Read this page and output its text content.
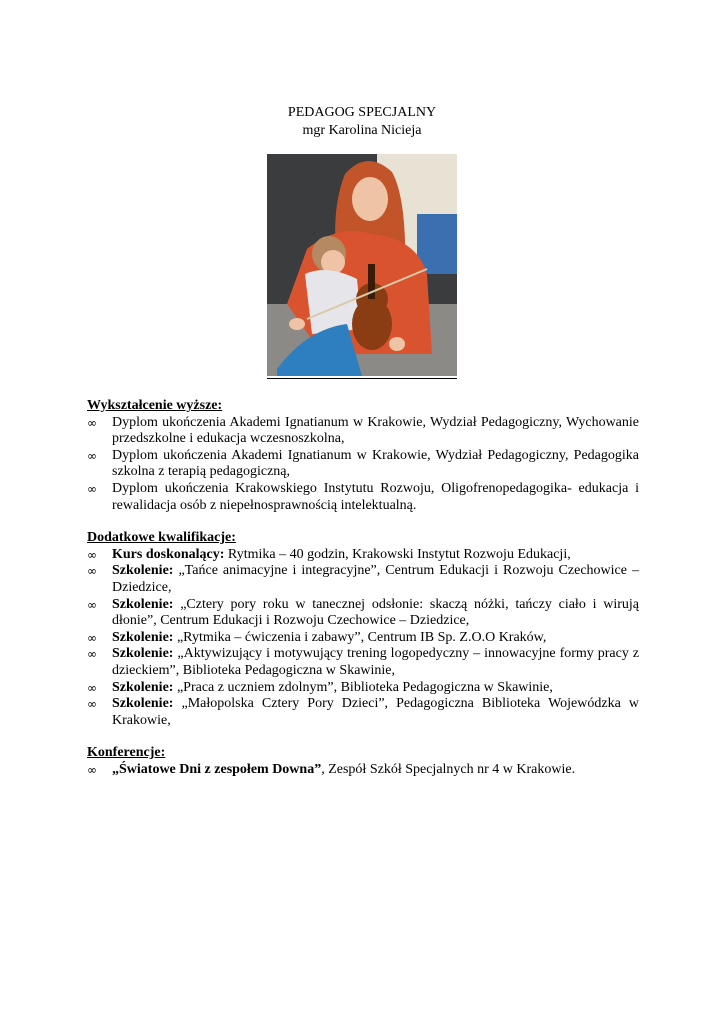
PEDAGOG SPECJALNY
mgr Karolina Nicieja

Wykształcenie wyższe:

∞	Dyplom ukończenia Akademi Ignatianum w Krakowie, Wydział Pedagogiczny, Wychowanie przedszkolne i edukacja wczesnoszkolna,
∞	Dyplom ukończenia Akademi Ignatianum w Krakowie, Wydział Pedagogiczny, Pedagogika szkolna z terapią pedagogiczną,
∞	Dyplom ukończenia Krakowskiego Instytutu Rozwoju, Oligofrenopedagogika- edukacja i rewalidacja osób z niepełnosprawnością intelektualną.

Dodatkowe kwalifikacje:

∞	Kurs doskonalący: Rytmika – 40 godzin, Krakowski Instytut Rozwoju Edukacji,
∞	Szkolenie: „Tańce animacyjne i integracyjne”, Centrum Edukacji i Rozwoju Czechowice – Dziedzice,
∞	Szkolenie: „Cztery pory roku w tanecznej odsłonie: skaczą nóżki, tańczy ciało i wirują dłonie”, Centrum Edukacji i Rozwoju Czechowice – Dziedzice,
∞	Szkolenie: „Rytmika – ćwiczenia i zabawy”, Centrum IB Sp. Z.O.O Kraków,
∞	Szkolenie: „Aktywizujący i motywujący trening logopedyczny – innowacyjne formy pracy z dzieckiem”, Biblioteka Pedagogiczna w Skawinie,
∞	Szkolenie: „Praca z uczniem zdolnym”, Biblioteka Pedagogiczna w Skawinie,
∞	Szkolenie: „Małopolska Cztery Pory Dzieci”, Pedagogiczna Biblioteka Wojewódzka w Krakowie,

Konferencje:

∞	„Światowe Dni z zespołem Downa”, Zespół Szkół Specjalnych nr 4 w Krakowie.
